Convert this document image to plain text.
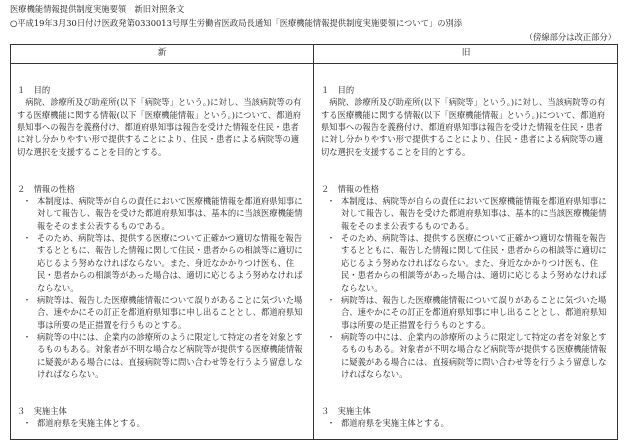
医療機能情報提供制度実施要領　新旧対照条文
○平成19年3月30日付け医政発第0330013号厚生労働省医政局長通知「医療機能情報提供制度実施要領について」の別添
（傍線部分は改正部分）
新	旧
１　目的
病院、診療所及び助産所(以下「病院等」という。)に対し、当該病院等の有する医療機能に関する情報(以下「医療機能情報」という。)について、都道府県知事への報告を義務付け、都道府県知事は報告を受けた情報を住民・患者に対し分かりやすい形で提供することにより、住民・患者による病院等の適切な選択を支援することを目的とする。
２　情報の性格
・ 本制度は、病院等が自らの責任において医療機能情報を都道府県知事に対して報告し、報告を受けた都道府県知事は、基本的に当該医療機能情報をそのまま公表するものである。
・ そのため、病院等は、提供する医療について正確かつ適切な情報を報告するとともに、報告した情報に関して住民・患者からの相談等に適切に応じるよう努めなければならない。また、身近なかかりつけ医も、住民・患者からの相談等があった場合は、適切に応じるよう努めなければならない。
・ 病院等は、報告した医療機能情報について誤りがあることに気づいた場合、速やかにその訂正を都道府県知事に申し出ることとし、都道府県知事は所要の是正措置を行うものとする。
・ 病院等の中には、企業内の診療所のように限定して特定の者を対象とするものもある。対象者が不明な場合など病院等が提供する医療機能情報に疑義がある場合には、直接病院等に問い合わせ等を行うよう留意しなければならない。
３　実施主体
・ 都道府県を実施主体とする。
１　目的
病院、診療所及び助産所(以下「病院等」という。)に対し、当該病院等の有する医療機能に関する情報(以下「医療機能情報」という。)について、都道府県知事への報告を義務付け、都道府県知事は報告を受けた情報を住民・患者に対し分かりやすい形で提供することにより、住民・患者による病院等の適切な選択を支援することを目的とする。
２　情報の性格
・ 本制度は、病院等が自らの責任において医療機能情報を都道府県知事に対して報告し、報告を受けた都道府県知事は、基本的に当該医療機能情報をそのまま公表するものである。
・ そのため、病院等は、提供する医療について正確かつ適切な情報を報告するとともに、報告した情報に関して住民・患者からの相談等に適切に応じるよう努めなければならない。また、身近なかかりつけ医も、住民・患者からの相談等があった場合は、適切に応じるよう努めなければならない。
・ 病院等は、報告した医療機能情報について誤りがあることに気づいた場合、速やかにその訂正を都道府県知事に申し出ることとし、都道府県知事は所要の是正措置を行うものとする。
・ 病院等の中には、企業内の診療所のように限定して特定の者を対象とするものもある。対象者が不明な場合など病院等が提供する医療機能情報に疑義がある場合には、直接病院等に問い合わせ等を行うよう留意しなければならない。
３　実施主体
・ 都道府県を実施主体とする。
